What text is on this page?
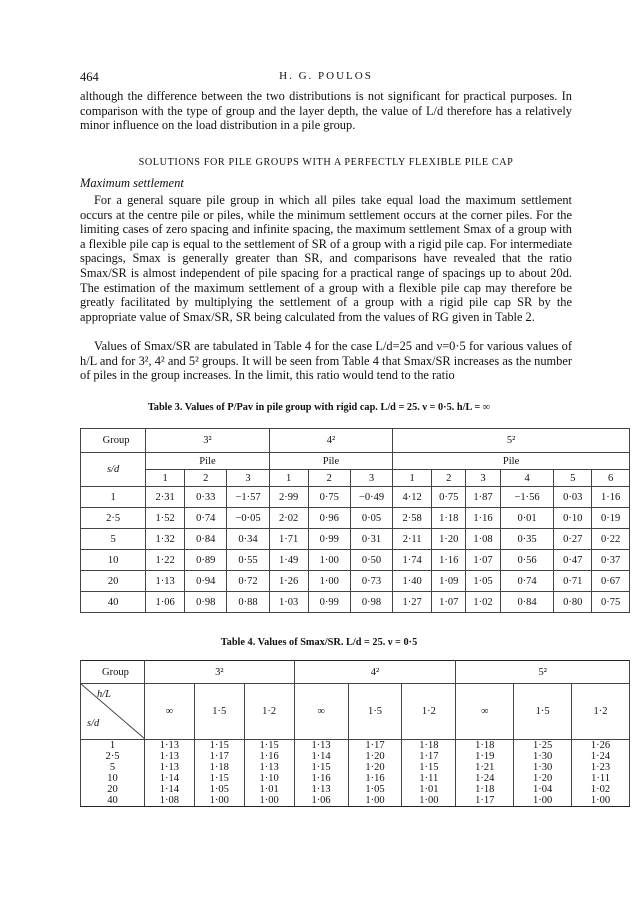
464	H. G. POULOS

although the difference between the two distributions is not significant for practical purposes. In comparison with the type of group and the layer depth, the value of L/d therefore has a relatively minor influence on the load distribution in a pile group.

SOLUTIONS FOR PILE GROUPS WITH A PERFECTLY FLEXIBLE PILE CAP
Maximum settlement

For a general square pile group in which all piles take equal load the maximum settlement occurs at the centre pile or piles, while the minimum settlement occurs at the corner piles. For the limiting cases of zero spacing and infinite spacing, the maximum settlement Smax of a group with a flexible pile cap is equal to the settlement of SR of a group with a rigid pile cap. For intermediate spacings, Smax is generally greater than SR, and comparisons have revealed that the ratio Smax/SR is almost independent of pile spacing for a practical range of spacings up to about 20d. The estimation of the maximum settlement of a group with a flexible pile cap may therefore be greatly facilitated by multiplying the settlement of a group with a rigid pile cap SR by the appropriate value of Smax/SR, SR being calculated from the values of RG given in Table 2.

Values of Smax/SR are tabulated in Table 4 for the case L/d=25 and ν=0·5 for various values of h/L and for 3², 4² and 5² groups. It will be seen from Table 4 that Smax/SR increases as the number of piles in the group increases. In the limit, this ratio would tend to the ratio

Table 3. Values of P/Pav in pile group with rigid cap. L/d = 25. ν = 0·5. h/L = ∞
Group	3²			4²			5²					
s/d	Pile			Pile			Pile					
	1	2	3	1	2	3	1	2	3	4	5	6
1	2·31	0·33	−1·57	2·99	0·75	−0·49	4·12	0·75	1·87	−1·56	0·03	1·16
2·5	1·52	0·74	−0·05	2·02	0·96	0·05	2·58	1·18	1·16	0·01	0·10	0·19
5	1·32	0·84	0·34	1·71	0·99	0·31	2·11	1·20	1·08	0·35	0·27	0·22
10	1·22	0·89	0·55	1·49	1·00	0·50	1·74	1·16	1·07	0·56	0·47	0·37
20	1·13	0·94	0·72	1·26	1·00	0·73	1·40	1·09	1·05	0·74	0·71	0·67
40	1·06	0·98	0·88	1·03	0·99	0·98	1·27	1·07	1·02	0·84	0·80	0·75
Table 4. Values of Smax/SR. L/d = 25. ν = 0·5
Group	3²			4²			5²		

h/L
s/d	∞	1·5	1·2	∞	1·5	1·2	∞	1·5	1·2
1	1·13	1·15	1·15	1·13	1·17	1·18	1·18	1·25	1·26
2·5	1·13	1·17	1·16	1·14	1·20	1·17	1·19	1·30	1·24
5	1·13	1·18	1·13	1·15	1·20	1·15	1·21	1·30	1·23
10	1·14	1·15	1·10	1·16	1·16	1·11	1·24	1·20	1·11
20	1·14	1·05	1·01	1·13	1·05	1·01	1·18	1·04	1·02
40	1·08	1·00	1·00	1·06	1·00	1·00	1·17	1·00	1·00
